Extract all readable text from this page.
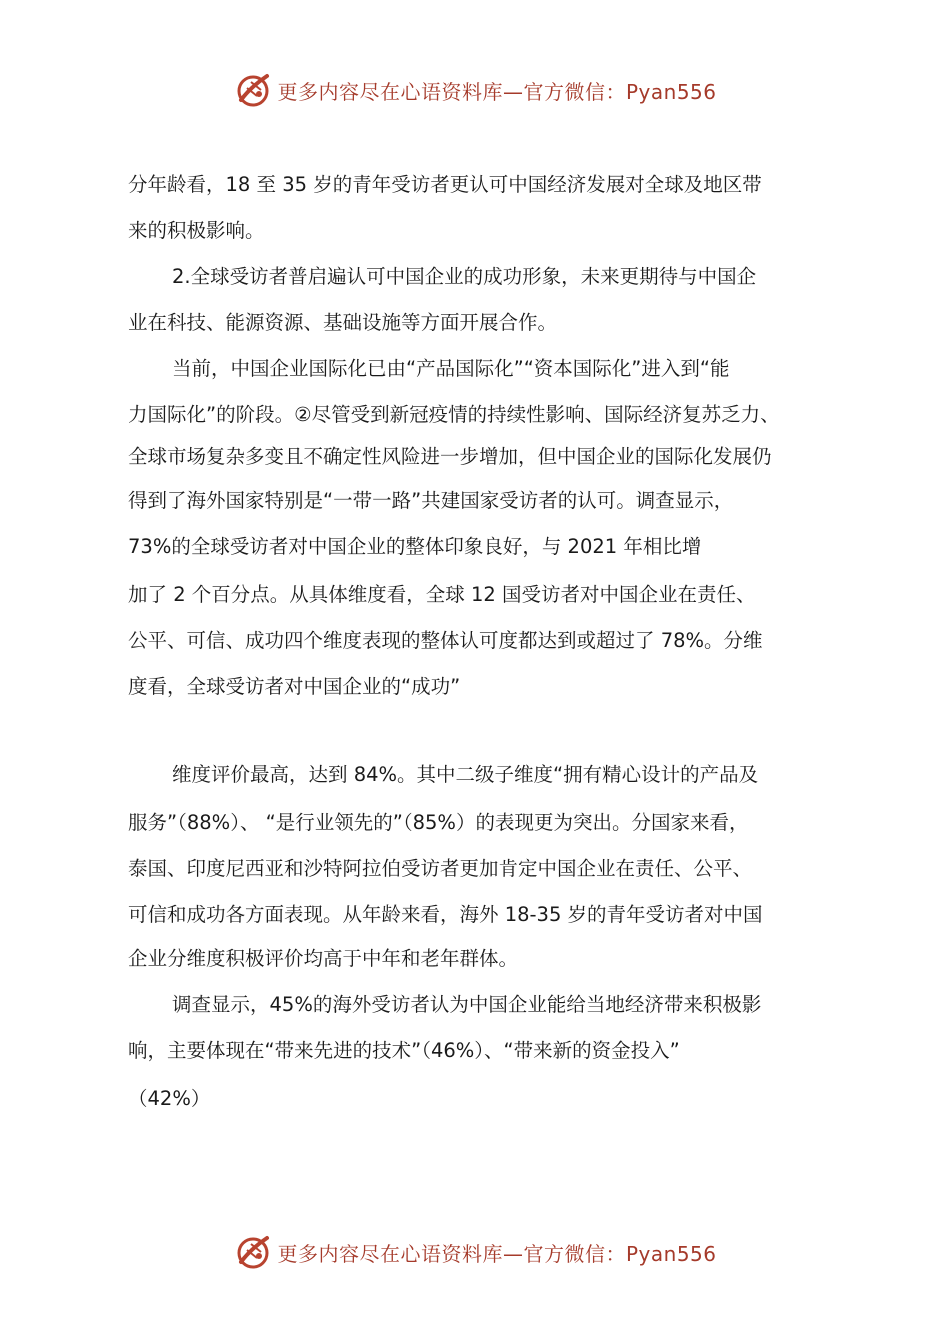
更多内容尽在心语资料库—官方微信：Pyan556
分年龄看，18 至 35 岁的青年受访者更认可中国经济发展对全球及地区带
来的积极影响。
2.全球受访者普启遍认可中国企业的成功形象，未来更期待与中国企
业在科技、能源资源、基础设施等方面开展合作。
当前，中国企业国际化已由“产品国际化”“资本国际化”进入到“能
力国际化”的阶段。②尽管受到新冠疫情的持续性影响、国际经济复苏乏力、
全球市场复杂多变且不确定性风险进一步增加，但中国企业的国际化发展仍
得到了海外国家特别是“一带一路”共建国家受访者的认可。调查显示，
73%的全球受访者对中国企业的整体印象良好，与 2021 年相比增
加了 2 个百分点。从具体维度看，全球 12 国受访者对中国企业在责任、
公平、可信、成功四个维度表现的整体认可度都达到或超过了 78%。分维
度看，全球受访者对中国企业的“成功”
维度评价最高，达到 84%。其中二级子维度“拥有精心设计的产品及
服务”（88%）、 “是行业领先的”（85%）的表现更为突出。分国家来看，
泰国、印度尼西亚和沙特阿拉伯受访者更加肯定中国企业在责任、公平、
可信和成功各方面表现。从年龄来看，海外 18-35 岁的青年受访者对中国
企业分维度积极评价均高于中年和老年群体。
调查显示，45%的海外受访者认为中国企业能给当地经济带来积极影
响，主要体现在“带来先进的技术”（46%）、“带来新的资金投入”
（42%）
更多内容尽在心语资料库—官方微信：Pyan556
